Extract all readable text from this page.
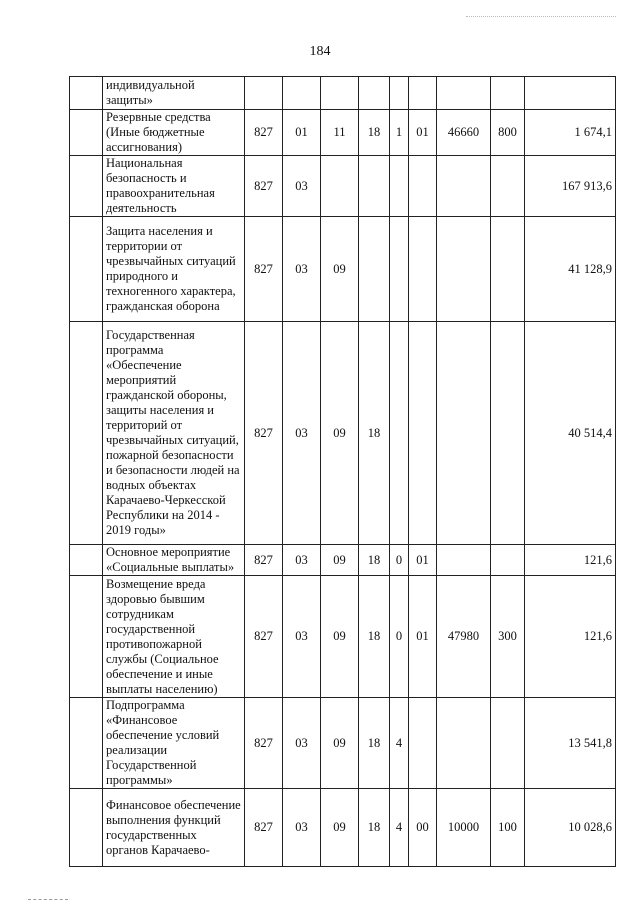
184
	индивидуальной защиты»									
	Резервные средства (Иные бюджетные ассигнования)	827	01	11	18	1	01	46660	800	1 674,1
	Национальная безопасность и правоохранительная деятельность	827	03							167 913,6
	Защита населения и территории от чрезвычайных ситуаций природного и техногенного характера, гражданская оборона	827	03	09						41 128,9
	Государственная программа «Обеспечение мероприятий гражданской обороны, защиты населения и территорий от чрезвычайных ситуаций, пожарной безопасности и безопасности людей на водных объектах Карачаево-Черкесской Республики на 2014 - 2019 годы»	827	03	09	18					40 514,4
	Основное мероприятие «Социальные выплаты»	827	03	09	18	0	01			121,6
	Возмещение вреда здоровью бывшим сотрудникам государственной противопожарной службы (Социальное обеспечение и иные выплаты населению)	827	03	09	18	0	01	47980	300	121,6
	Подпрограмма «Финансовое обеспечение условий реализации Государственной программы»	827	03	09	18	4				13 541,8
	Финансовое обеспечение выполнения функций государственных органов Карачаево-	827	03	09	18	4	00	10000	100	10 028,6
